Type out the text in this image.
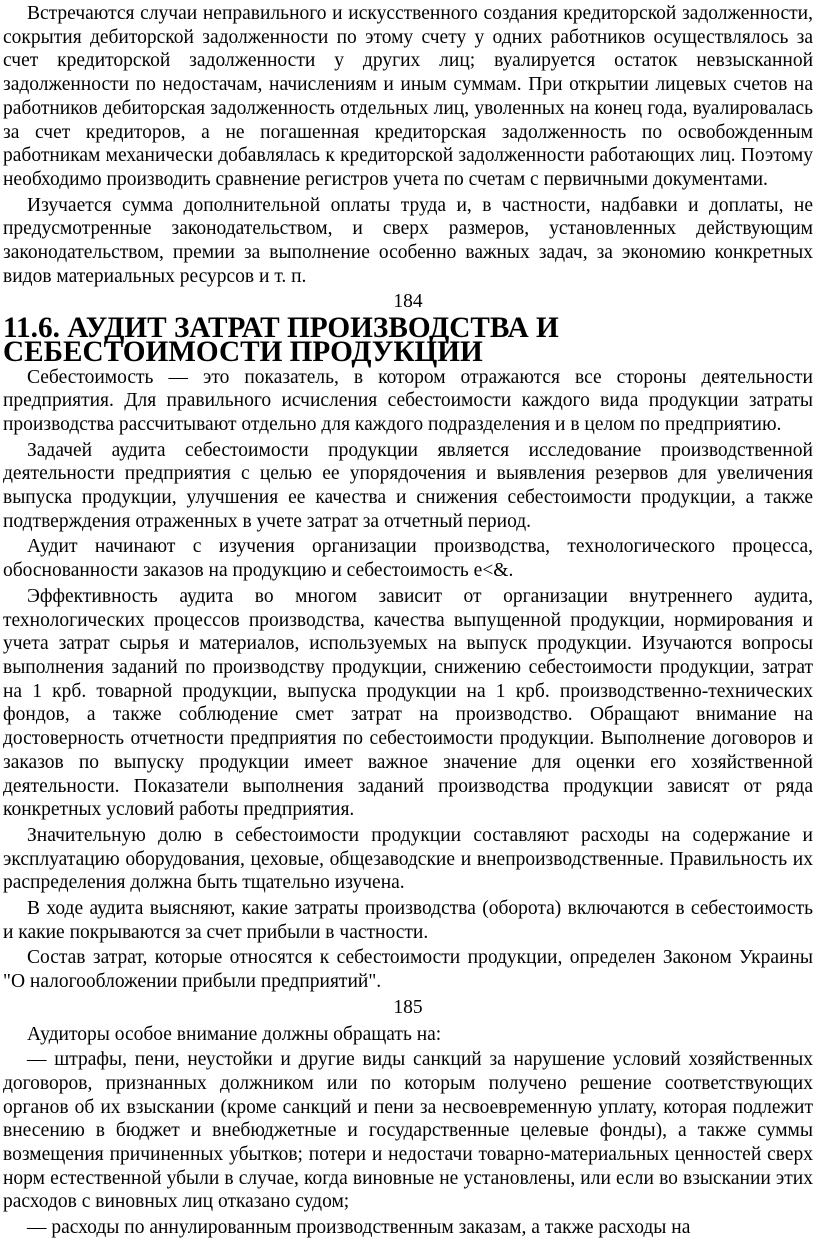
Встречаются случаи неправильного и искусственного создания кредиторской задолженности, сокрытия дебиторской задолженности по этому счету у одних работников осуществлялось за счет кредиторской задолженности у других лиц; вуалируется остаток невзысканной задолженности по недостачам, начислениям и иным суммам. При открытии лицевых счетов на работников дебиторская задолженность отдельных лиц, уволенных на конец года, вуалировалась за счет кредиторов, а не погашенная кредиторская задолженность по освобожденным работникам механически добавлялась к кредиторской задолженности работающих лиц. Поэтому необходимо производить сравнение регистров учета по счетам с первичными документами.

Изучается сумма дополнительной оплаты труда и, в частности, надбавки и доплаты, не предусмотренные законодательством, и сверх размеров, установленных действующим законодательством, премии за выполнение особенно важных задач, за экономию конкретных видов материальных ресурсов и т. п.

184
11.6. АУДИТ ЗАТРАТ ПРОИЗВОДСТВА И СЕБЕСТОИМОСТИ ПРОДУКЦИИ

Себестоимость — это показатель, в котором отражаются все стороны деятельности предприятия. Для правильного исчисления себестоимости каждого вида продукции затраты производства рассчитывают отдельно для каждого подразделения и в целом по предприятию.

Задачей аудита себестоимости продукции является исследование производственной деятельности предприятия с целью ее упорядочения и выявления резервов для увеличения выпуска продукции, улучшения ее качества и снижения себестоимости продукции, а также подтверждения отраженных в учете затрат за отчетный период.

Аудит начинают с изучения организации производства, технологического процесса, обоснованности заказов на продукцию и себестоимость е<&.

Эффективность аудита во многом зависит от организации внутреннего аудита, технологических процессов производства, качества выпущенной продукции, нормирования и учета затрат сырья и материалов, используемых на выпуск продукции. Изучаются вопросы выполнения заданий по производству продукции, снижению себестоимости продукции, затрат на 1 крб. товарной продукции, выпуска продукции на 1 крб. производственно-технических фондов, а также соблюдение смет затрат на производство. Обращают внимание на достоверность отчетности предприятия по себестоимости продукции. Выполнение договоров и заказов по выпуску продукции имеет важное значение для оценки его хозяйственной деятельности. Показатели выполнения заданий производства продукции зависят от ряда конкретных условий работы предприятия.

Значительную долю в себестоимости продукции составляют расходы на содержание и эксплуатацию оборудования, цеховые, общезаводские и внепроизводственные. Правильность их распределения должна быть тщательно изучена.

В ходе аудита выясняют, какие затраты производства (оборота) включаются в себестоимость и какие покрываются за счет прибыли в частности.

Состав затрат, которые относятся к себестоимости продукции, определен Законом Украины "О налогообложении прибыли предприятий".

185

Аудиторы особое внимание должны обращать на:

— штрафы, пени, неустойки и другие виды санкций за нарушение условий хозяйственных договоров, признанных должником или по которым получено решение соответствующих органов об их взыскании (кроме санкций и пени за несвоевременную уплату, которая подлежит внесению в бюджет и внебюджетные и государственные целевые фонды), а также суммы возмещения причиненных убытков; потери и недостачи товарно-материальных ценностей сверх норм естественной убыли в случае, когда виновные не установлены, или если во взыскании этих расходов с виновных лиц отказано судом;

— расходы по аннулированным производственным заказам, а также расходы на
